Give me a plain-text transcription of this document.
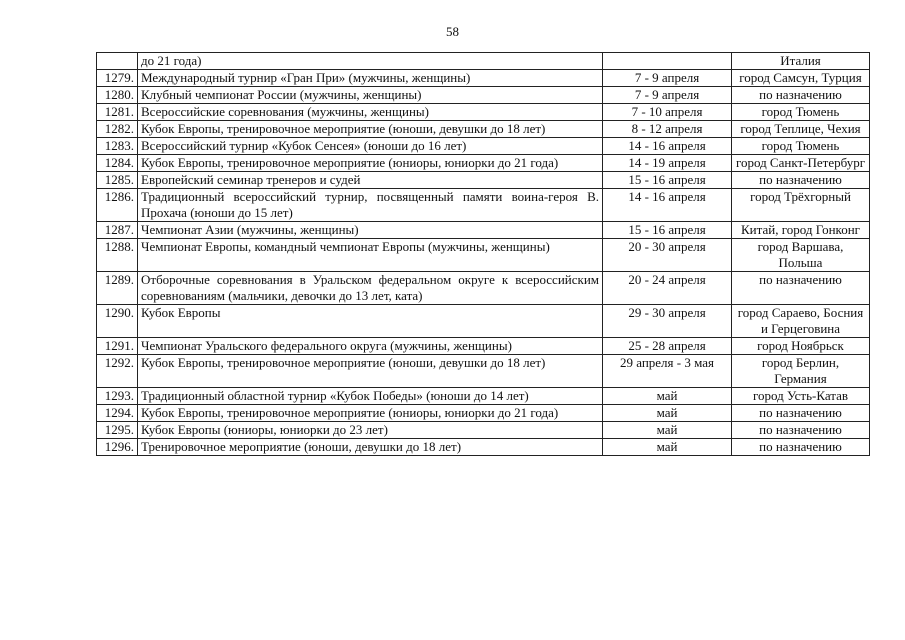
58
	до 21 года)		Италия
1279.	Международный турнир «Гран При» (мужчины, женщины)	7 - 9 апреля	город Самсун, Турция
1280.	Клубный чемпионат России (мужчины, женщины)	7 - 9 апреля	по назначению
1281.	Всероссийские соревнования (мужчины, женщины)	7 - 10 апреля	город Тюмень
1282.	Кубок Европы, тренировочное мероприятие (юноши, девушки до 18 лет)	8 - 12 апреля	город Теплице, Чехия
1283.	Всероссийский турнир «Кубок Сенсея» (юноши до 16 лет)	14 - 16 апреля	город Тюмень
1284.	Кубок Европы, тренировочное мероприятие (юниоры, юниорки до 21 года)	14 - 19 апреля	город Санкт-Петербург
1285.	Европейский семинар тренеров и судей	15 - 16 апреля	по назначению
1286.	Традиционный всероссийский турнир, посвященный памяти воина-героя В. Прохача (юноши до 15 лет)	14 - 16 апреля	город Трёхгорный
1287.	Чемпионат Азии (мужчины, женщины)	15 - 16 апреля	Китай, город Гонконг
1288.	Чемпионат Европы, командный чемпионат Европы (мужчины, женщины)	20 - 30 апреля	город Варшава, Польша
1289.	Отборочные соревнования в Уральском федеральном округе к всероссийским соревнованиям (мальчики, девочки до 13 лет, ката)	20 - 24 апреля	по назначению
1290.	Кубок Европы	29 - 30 апреля	город Сараево, Босния и Герцеговина
1291.	Чемпионат Уральского федерального округа (мужчины, женщины)	25 - 28 апреля	город Ноябрьск
1292.	Кубок Европы, тренировочное мероприятие (юноши, девушки до 18 лет)	29 апреля - 3 мая	город Берлин, Германия
1293.	Традиционный областной турнир «Кубок Победы» (юноши до 14 лет)	май	город Усть-Катав
1294.	Кубок Европы, тренировочное мероприятие (юниоры, юниорки до 21 года)	май	по назначению
1295.	Кубок Европы (юниоры, юниорки до 23 лет)	май	по назначению
1296.	Тренировочное мероприятие (юноши, девушки до 18 лет)	май	по назначению
